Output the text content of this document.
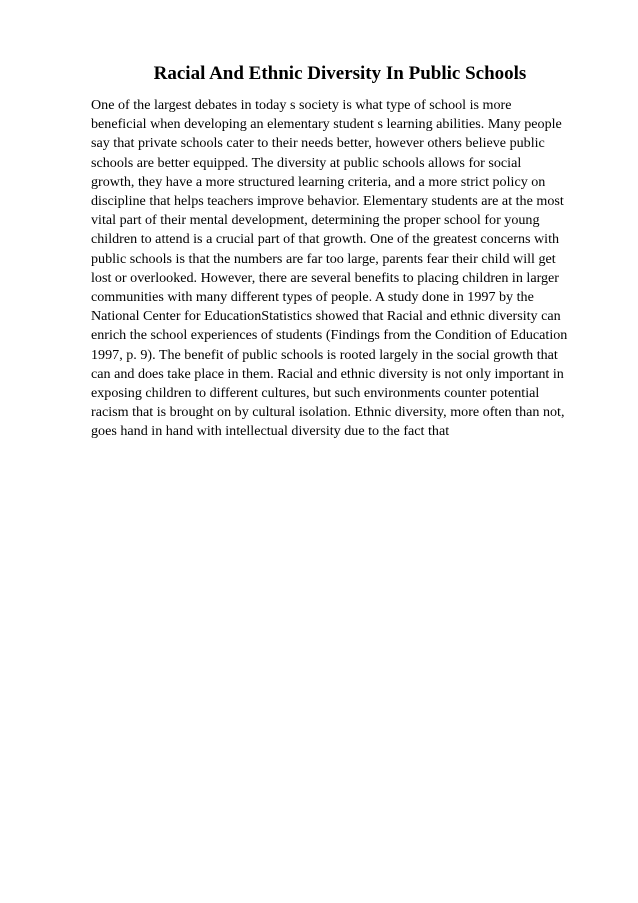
Racial And Ethnic Diversity In Public Schools
One of the largest debates in today s society is what type of school is more
beneficial when developing an elementary student s learning abilities. Many people
say that private schools cater to their needs better, however others believe public
schools are better equipped. The diversity at public schools allows for social
growth, they have a more structured learning criteria, and a more strict policy on
discipline that helps teachers improve behavior. Elementary students are at the most
vital part of their mental development, determining the proper school for young
children to attend is a crucial part of that growth. One of the greatest concerns with
public schools is that the numbers are far too large, parents fear their child will get
lost or overlooked. However, there are several benefits to placing children in larger
communities with many different types of people. A study done in 1997 by the
National Center for EducationStatistics showed that Racial and ethnic diversity can
enrich the school experiences of students (Findings from the Condition of Education
1997, p. 9). The benefit of public schools is rooted largely in the social growth that
can and does take place in them. Racial and ethnic diversity is not only important in
exposing children to different cultures, but such environments counter potential
racism that is brought on by cultural isolation. Ethnic diversity, more often than not,
goes hand in hand with intellectual diversity due to the fact that
